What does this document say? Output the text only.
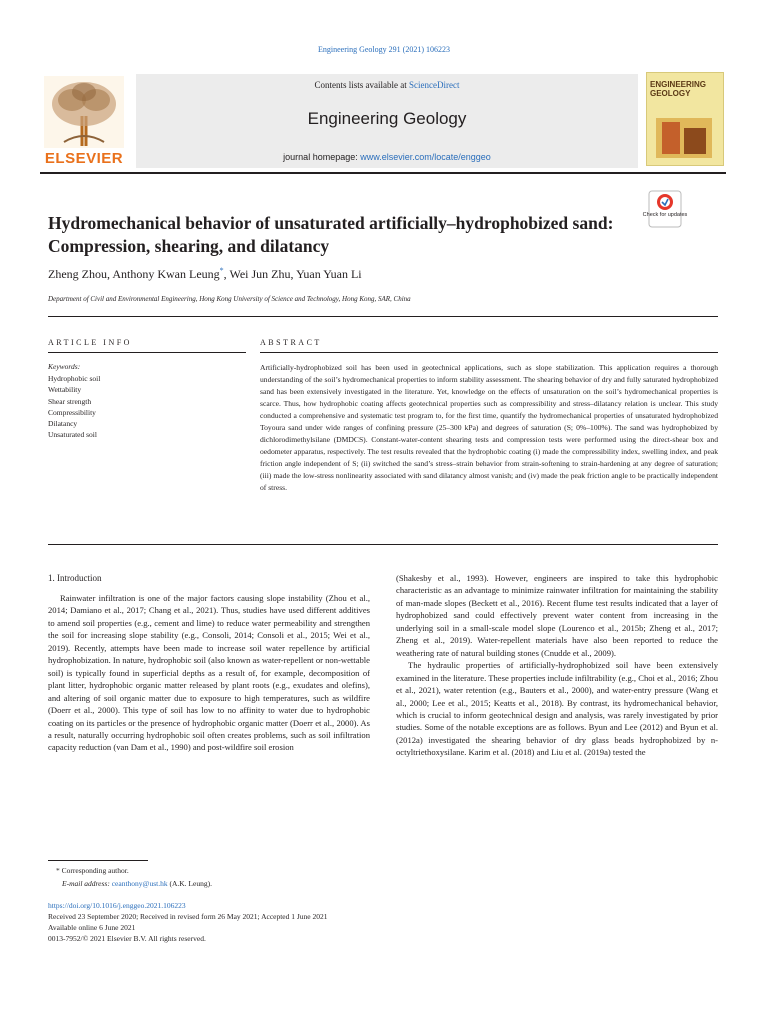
Engineering Geology 291 (2021) 106223
ELSEVIER
Contents lists available at ScienceDirect
Engineering Geology
journal homepage: www.elsevier.com/locate/enggeo
ENGINEERING GEOLOGY
Check for updates
Hydromechanical behavior of unsaturated artificially–hydrophobized sand: Compression, shearing, and dilatancy
Zheng Zhou, Anthony Kwan Leung*, Wei Jun Zhu, Yuan Yuan Li
Department of Civil and Environmental Engineering, Hong Kong University of Science and Technology, Hong Kong, SAR, China
ARTICLE INFO	ABSTRACT
Keywords:
Hydrophobic soil
Wettability
Shear strength
Compressibility
Dilatancy
Unsaturated soil
Artificially-hydrophobized soil has been used in geotechnical applications, such as slope stabilization. This application requires a thorough understanding of the soil’s hydromechanical properties to inform stability assessment. The shearing behavior of dry and fully saturated hydrophobized sand has been extensively investigated in the literature. Yet, knowledge on the effects of unsaturation on the soil’s hydromechanical properties is scarce. Thus, how hydrophobic coating affects geotechnical properties such as compressibility and stress–dilatancy relation is unclear. This study conducted a comprehensive and systematic test program to, for the first time, quantify the hydromechanical properties of unsaturated hydrophobized Toyoura sand under wide ranges of confining pressure (25–300 kPa) and degrees of saturation (S; 0%–100%). The sand was hydrophobized by dichlorodimethylsilane (DMDCS). Constant-water-content shearing tests and compression tests were performed using the direct-shear box and oedometer apparatus, respectively. The test results revealed that the hydrophobic coating (i) made the compressibility index, swelling index, and peak friction angle independent of S; (ii) switched the sand’s stress–strain behavior from strain-softening to strain-hardening at any degree of saturation; (iii) made the low-stress nonlinearity associated with sand dilatancy almost vanish; and (iv) made the peak friction angle to be practically independent of stress.
1. Introduction

Rainwater infiltration is one of the major factors causing slope instability (Zhou et al., 2014; Damiano et al., 2017; Chang et al., 2021). Thus, studies have used different additives to amend soil properties (e.g., cement and lime) to reduce water permeability and strengthen the soil for increasing slope stability (e.g., Consoli, 2014; Consoli et al., 2015; Wei et al., 2019). Recently, attempts have been made to increase soil water repellence by artificial hydrophobization. In nature, hydrophobic soil (also known as water-repellent or non-wettable soil) is typically found in superficial depths as a result of, for example, decomposition of plant litter, hydrophobic organic matter released by plant roots (e.g., exudates and olefins), and altering of soil organic matter due to exposure to high temperatures, such as wildfire (Doerr et al., 2000). This type of soil has low to no affinity to water due to hydrophobic coating on its particles or the presence of hydrophobic organic matter (Doerr et al., 2000). As a result, naturally occurring hydrophobic soil often creates problems, such as soil infiltration capacity reduction (van Dam et al., 1990) and post-wildfire soil erosion

(Shakesby et al., 1993). However, engineers are inspired to take this hydrophobic characteristic as an advantage to minimize rainwater infiltration for maintaining the stability of man-made slopes (Beckett et al., 2016). Recent flume test results indicated that a layer of hydrophobized sand could effectively prevent water content from increasing in the underlying soil in a small-scale model slope (Lourenco et al., 2015b; Zheng et al., 2017; Zheng et al., 2019). Water-repellent materials have also been reported to reduce the weathering rate of natural building stones (Cnudde et al., 2009).

The hydraulic properties of artificially-hydrophobized soil have been extensively examined in the literature. These properties include infiltrability (e.g., Choi et al., 2016; Zhou et al., 2021), water retention (e.g., Bauters et al., 2000), and water-entry pressure (Wang et al., 2000; Lee et al., 2015; Keatts et al., 2018). By contrast, its hydromechanical behavior, which is crucial to inform geotechnical design and analysis, was rarely investigated by prior studies. Some of the notable exceptions are as follows. Byun and Lee (2012) and Byun et al. (2012a) investigated the shearing behavior of dry glass beads hydrophobized by n-octyltriethoxysilane. Karim et al. (2018) and Liu et al. (2019a) tested the

* Corresponding author.
E-mail address: ceanthony@ust.hk (A.K. Leung).
https://doi.org/10.1016/j.enggeo.2021.106223
Received 23 September 2020; Received in revised form 26 May 2021; Accepted 1 June 2021
Available online 6 June 2021
0013-7952/© 2021 Elsevier B.V. All rights reserved.
